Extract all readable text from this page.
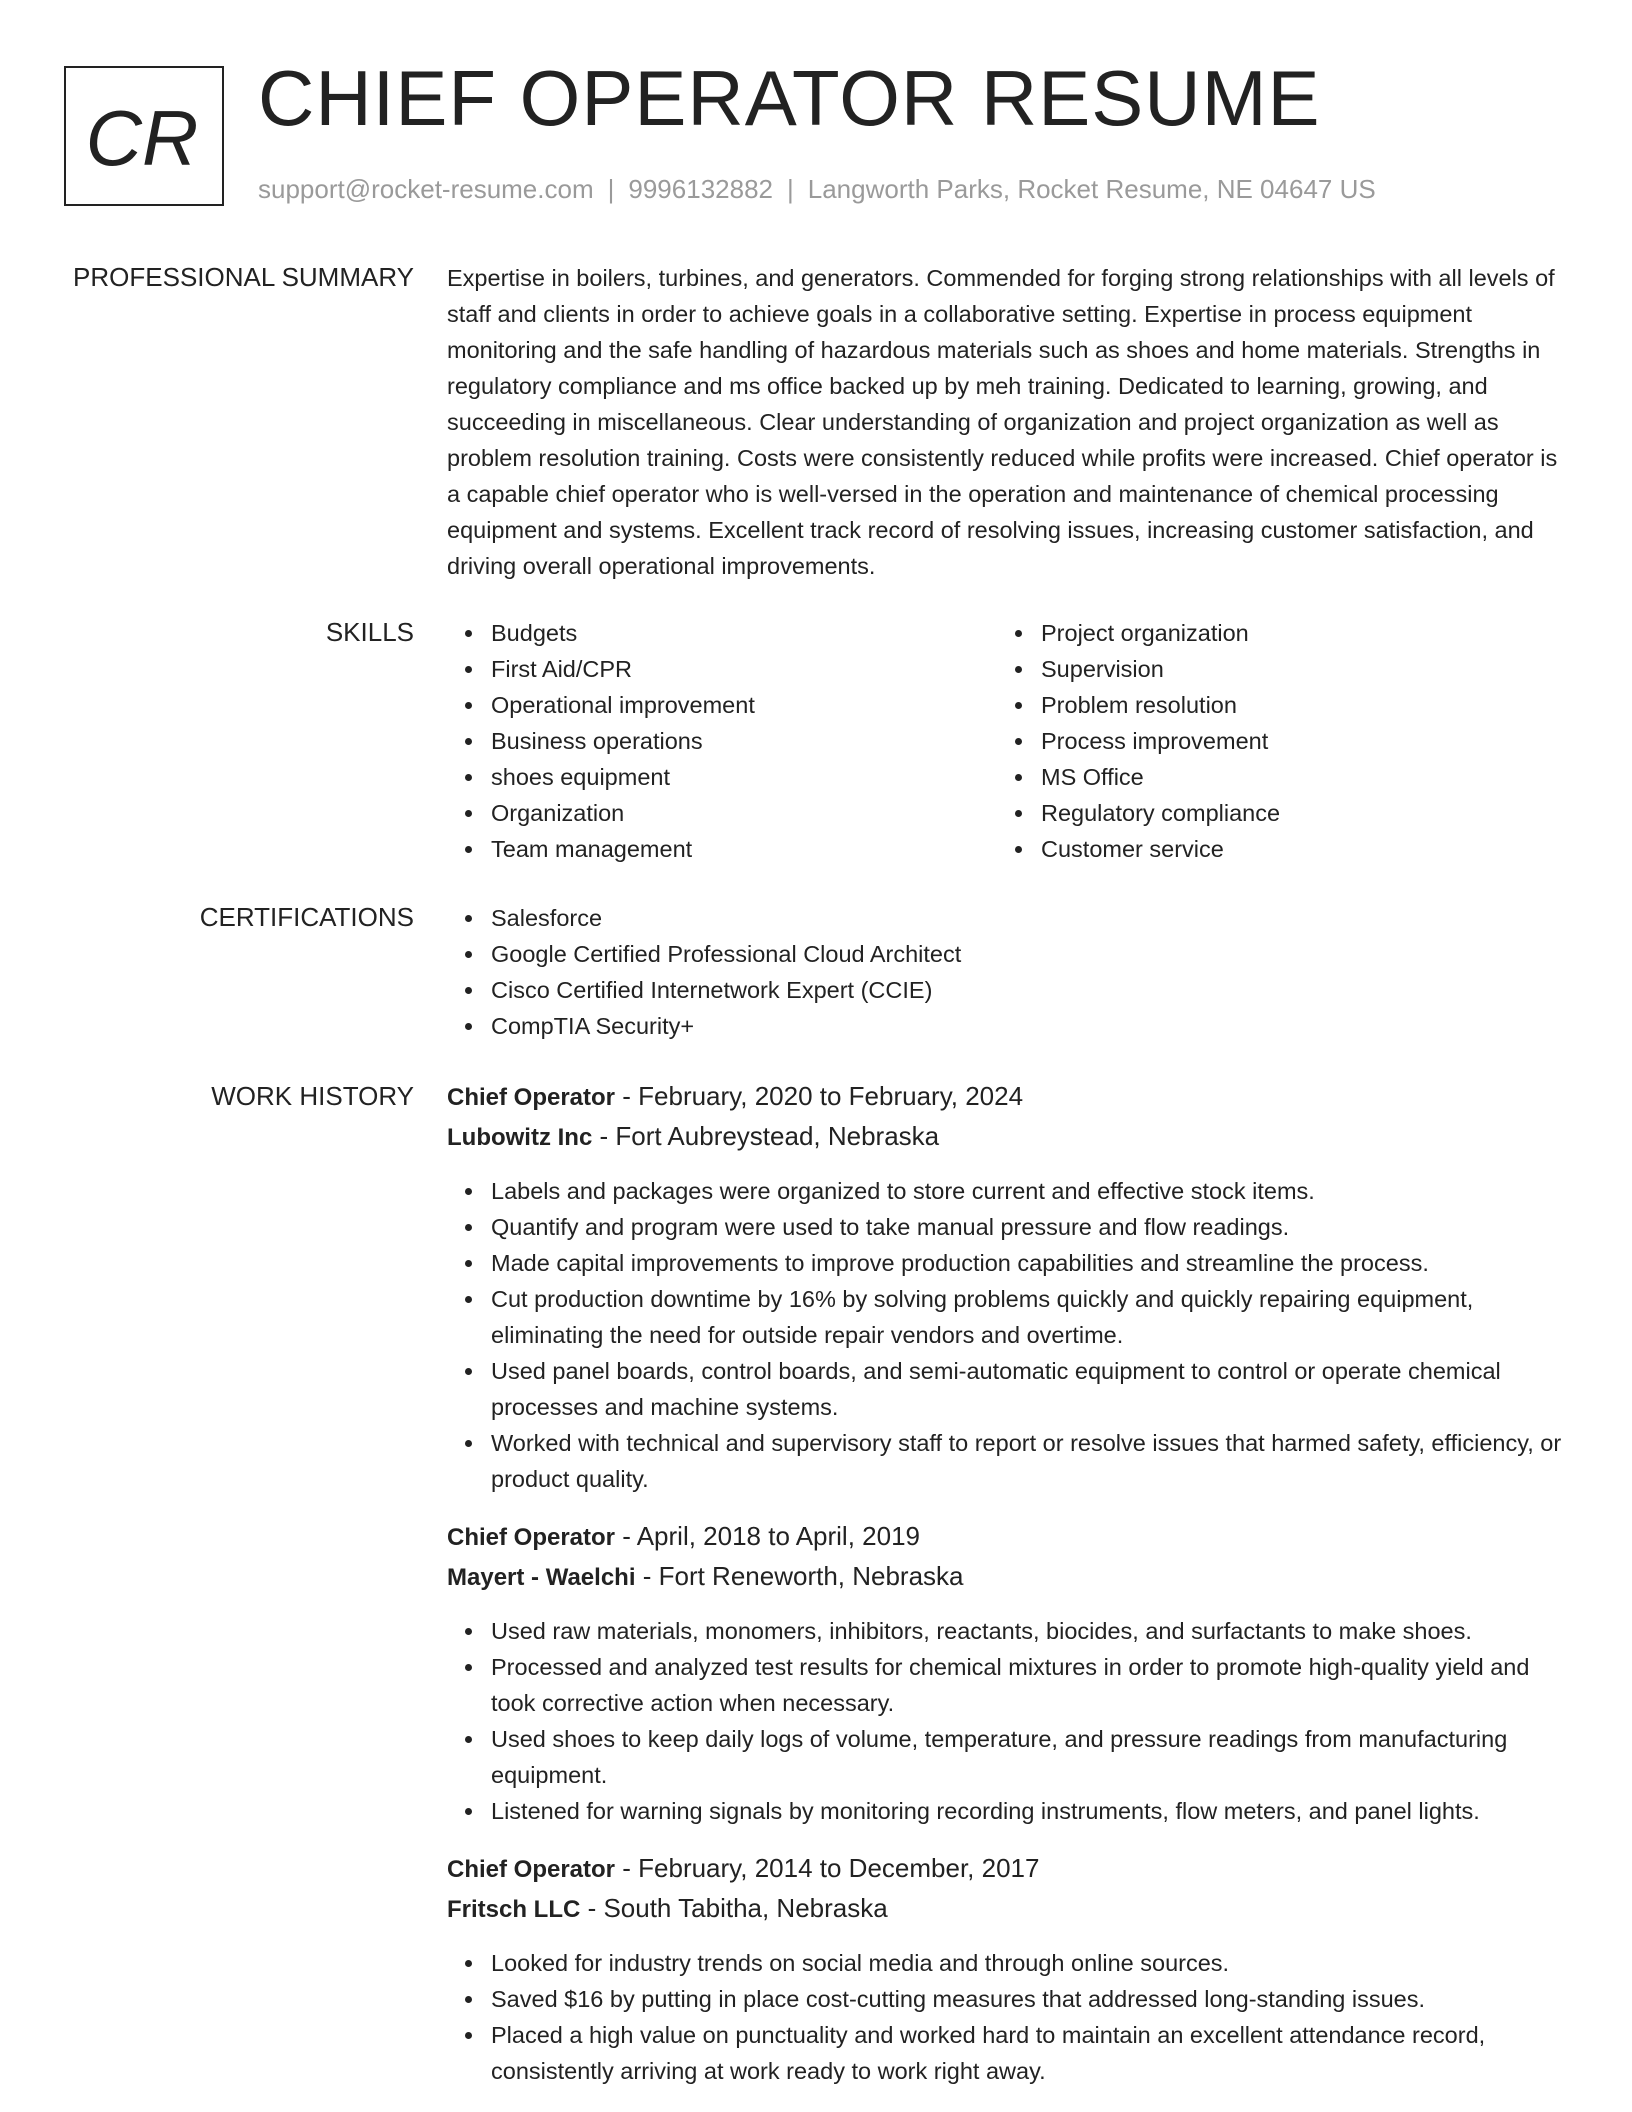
CR CHIEF OPERATOR RESUME
support@rocket-resume.com | 9996132882 | Langworth Parks, Rocket Resume, NE 04647 US
PROFESSIONAL SUMMARY Expertise in boilers, turbines, and generators. Commended for forging strong relationships with all levels of staff and clients in order to achieve goals in a collaborative setting. Expertise in process equipment monitoring and the safe handling of hazardous materials such as shoes and home materials. Strengths in regulatory compliance and ms office backed up by meh training. Dedicated to learning, growing, and succeeding in miscellaneous. Clear understanding of organization and project organization as well as problem resolution training. Costs were consistently reduced while profits were increased. Chief operator is a capable chief operator who is well-versed in the operation and maintenance of chemical processing equipment and systems. Excellent track record of resolving issues, increasing customer satisfaction, and driving overall operational improvements.

SKILLS	Budgets
First Aid/CPR
Operational improvement
Business operations
shoes equipment
Organization
Team management
Project organization
Supervision
Problem resolution
Process improvement
MS Office
Regulatory compliance
Customer service
CERTIFICATIONS	Salesforce
Google Certified Professional Cloud Architect
Cisco Certified Internetwork Expert (CCIE)
CompTIA Security+
WORK HISTORY Chief Operator - February, 2020 to February, 2024
Lubowitz Inc - Fort Aubreystead, Nebraska
Labels and packages were organized to store current and effective stock items.
Quantify and program were used to take manual pressure and flow readings.
Made capital improvements to improve production capabilities and streamline the process.
Cut production downtime by 16% by solving problems quickly and quickly repairing equipment, eliminating the need for outside repair vendors and overtime.
Used panel boards, control boards, and semi-automatic equipment to control or operate chemical processes and machine systems.
Worked with technical and supervisory staff to report or resolve issues that harmed safety, efficiency, or product quality.
Chief Operator - April, 2018 to April, 2019
Mayert - Waelchi - Fort Reneworth, Nebraska
Used raw materials, monomers, inhibitors, reactants, biocides, and surfactants to make shoes.
Processed and analyzed test results for chemical mixtures in order to promote high-quality yield and took corrective action when necessary.
Used shoes to keep daily logs of volume, temperature, and pressure readings from manufacturing equipment.
Listened for warning signals by monitoring recording instruments, flow meters, and panel lights.
Chief Operator - February, 2014 to December, 2017
Fritsch LLC - South Tabitha, Nebraska
Looked for industry trends on social media and through online sources.
Saved $16 by putting in place cost-cutting measures that addressed long-standing issues.
Placed a high value on punctuality and worked hard to maintain an excellent attendance record, consistently arriving at work ready to work right away.
